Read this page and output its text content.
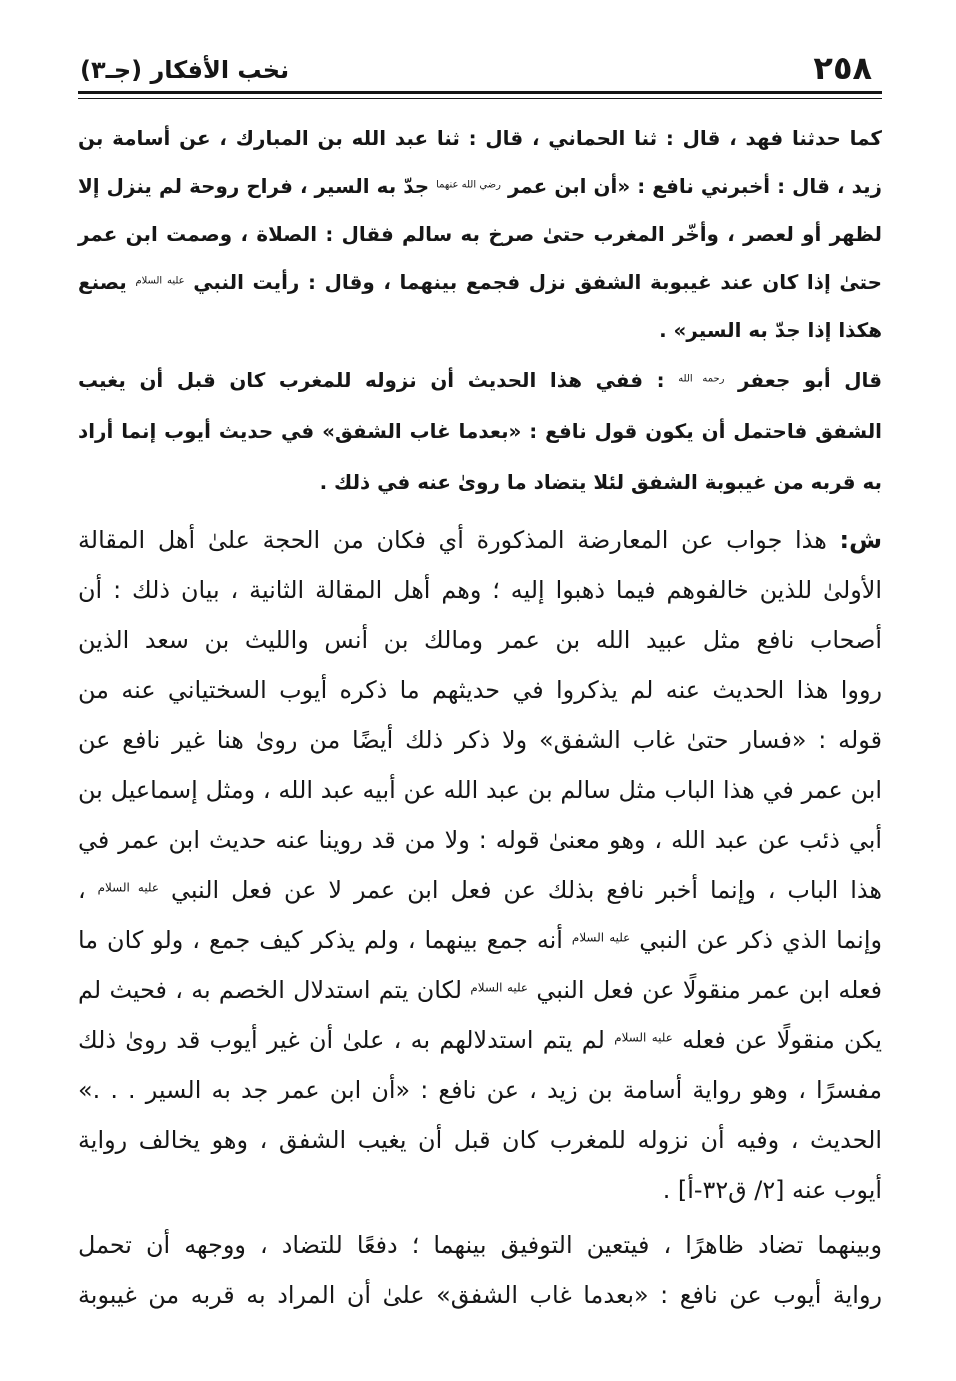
٢٥٨
نخب الأفكار (جـ٣)
كما حدثنا فهد ، قال : ثنا الحماني ، قال : ثنا عبد الله بن المبارك ، عن أسامة بن
زيد ، قال : أخبرني نافع : «أن ابن عمر $^{رضي الله عنهما}$ جدّ به السير ، فراح روحة لم ينزل إلا
لظهر أو لعصر ، وأخّر المغرب حتىٰ صرخ به سالم فقال : الصلاة ، وصمت ابن عمر
حتىٰ إذا كان عند غيبوبة الشفق نزل فجمع بينهما ، وقال : رأيت النبي $^{عليه السلام}$ يصنع
هكذا إذا جدّ به السير» .
قال أبو جعفر $^{رحمه الله}$ : ففي هذا الحديث أن نزوله للمغرب كان قبل أن يغيب
الشفق فاحتمل أن يكون قول نافع : «بعدما غاب الشفق» في حديث أيوب إنما أراد
به قربه من غيبوبة الشفق لئلا يتضاد ما روىٰ عنه في ذلك .
ش: هذا جواب عن المعارضة المذكورة أي فكان من الحجة علىٰ أهل المقالة
الأولىٰ للذين خالفوهم فيما ذهبوا إليه ؛ وهم أهل المقالة الثانية ، بيان ذلك : أن
أصحاب نافع مثل عبيد الله بن عمر ومالك بن أنس والليث بن سعد الذين
رووا هذا الحديث عنه لم يذكروا في حديثهم ما ذكره أيوب السختياني عنه من
قوله : «فسار حتىٰ غاب الشفق» ولا ذكر ذلك أيضًا من روىٰ هنا غير نافع عن
ابن عمر في هذا الباب مثل سالم بن عبد الله عن أبيه عبد الله ، ومثل إسماعيل بن
أبي ذئب عن عبد الله ، وهو معنىٰ قوله : ولا من قد روينا عنه حديث ابن عمر في
هذا الباب ، وإنما أخبر نافع بذلك عن فعل ابن عمر لا عن فعل النبي $^{عليه السلام}$ ،
وإنما الذي ذكر عن النبي $^{عليه السلام}$ أنه جمع بينهما ، ولم يذكر كيف جمع ، ولو كان ما
فعله ابن عمر منقولًا عن فعل النبي $^{عليه السلام}$ لكان يتم استدلال الخصم به ، فحيث لم
يكن منقولًا عن فعله $^{عليه السلام}$ لم يتم استدلالهم به ، علىٰ أن غير أيوب قد روىٰ ذلك
مفسرًا ، وهو رواية أسامة بن زيد ، عن نافع : «أن ابن عمر جد به السير . . .»
الحديث ، وفيه أن نزوله للمغرب كان قبل أن يغيب الشفق ، وهو يخالف رواية
أيوب عنه [٢/ ق٣٢-أ] .
وبينهما تضاد ظاهرًا ، فيتعين التوفيق بينهما ؛ دفعًا للتضاد ، ووجهه أن تحمل
رواية أيوب عن نافع : «بعدما غاب الشفق» علىٰ أن المراد به قربه من غيبوبة
